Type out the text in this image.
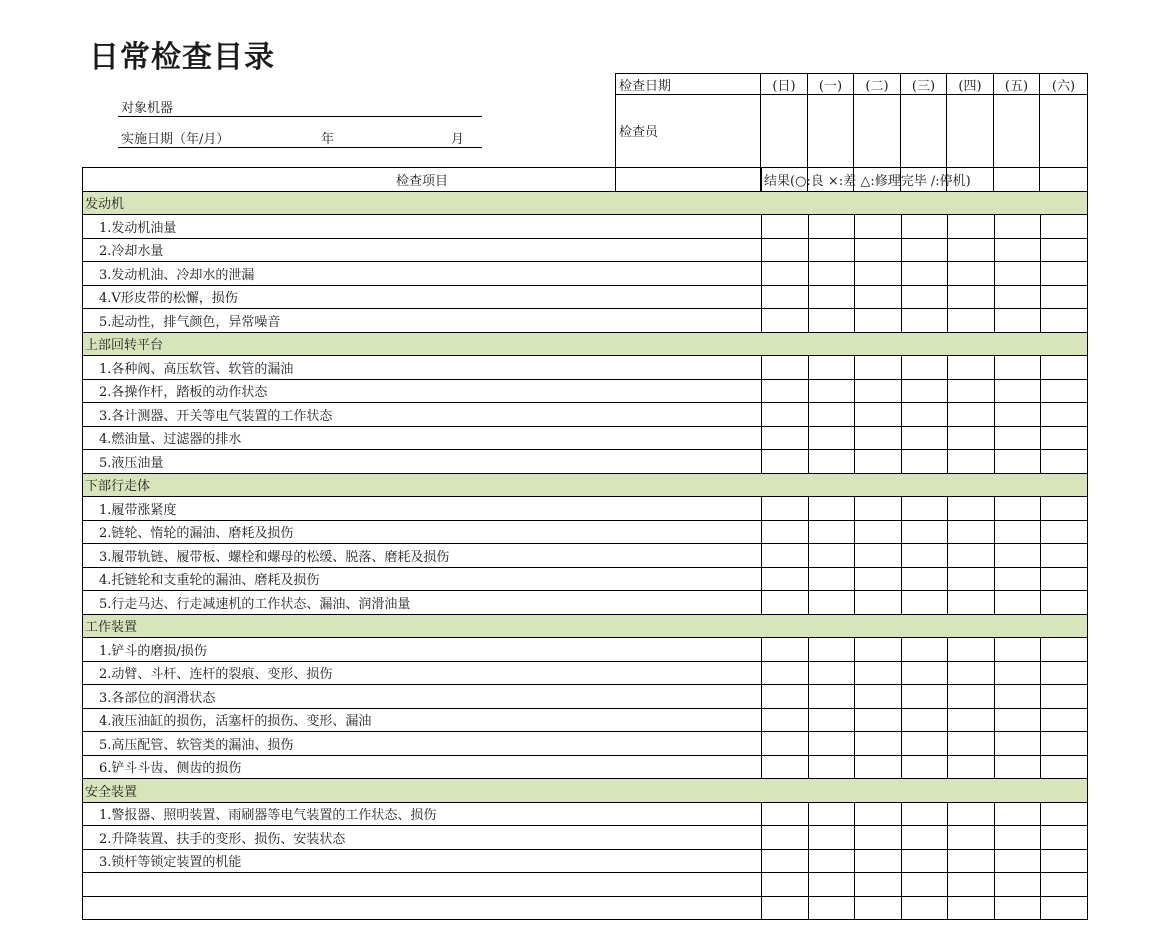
日常检查目录
对象机器
实施日期（年/月）	年	月
检查日期	(日)	(一)	(二)	(三)	(四)	(五)	(六)
检查员							
检查项目	结果(○:良 ×:差 △:修理完毕 /:停机)						
发动机							
1.发动机油量							
2.冷却水量							
3.发动机油、冷却水的泄漏							
4.V形皮带的松懈，损伤							
5.起动性，排气颜色，异常噪音							
上部回转平台							
1.各种阀、高压软管、软管的漏油							
2.各操作杆，踏板的动作状态							
3.各计测器、开关等电气装置的工作状态							
4.燃油量、过滤器的排水							
5.液压油量							
下部行走体							
1.履带涨紧度							
2.链轮、惰轮的漏油、磨耗及损伤							
3.履带轨链、履带板、螺栓和螺母的松缓、脱落、磨耗及损伤							
4.托链轮和支重轮的漏油、磨耗及损伤							
5.行走马达、行走减速机的工作状态、漏油、润滑油量							
工作装置							
1.铲斗的磨损/损伤							
2.动臂、斗杆、连杆的裂痕、变形、损伤							
3.各部位的润滑状态							
4.液压油缸的损伤，活塞杆的损伤、变形、漏油							
5.高压配管、软管类的漏油、损伤							
6.铲斗斗齿、侧齿的损伤							
安全装置							
1.警报器、照明装置、雨刷器等电气装置的工作状态、损伤							
2.升降装置、扶手的变形、损伤、安装状态							
3.锁杆等锁定装置的机能							
